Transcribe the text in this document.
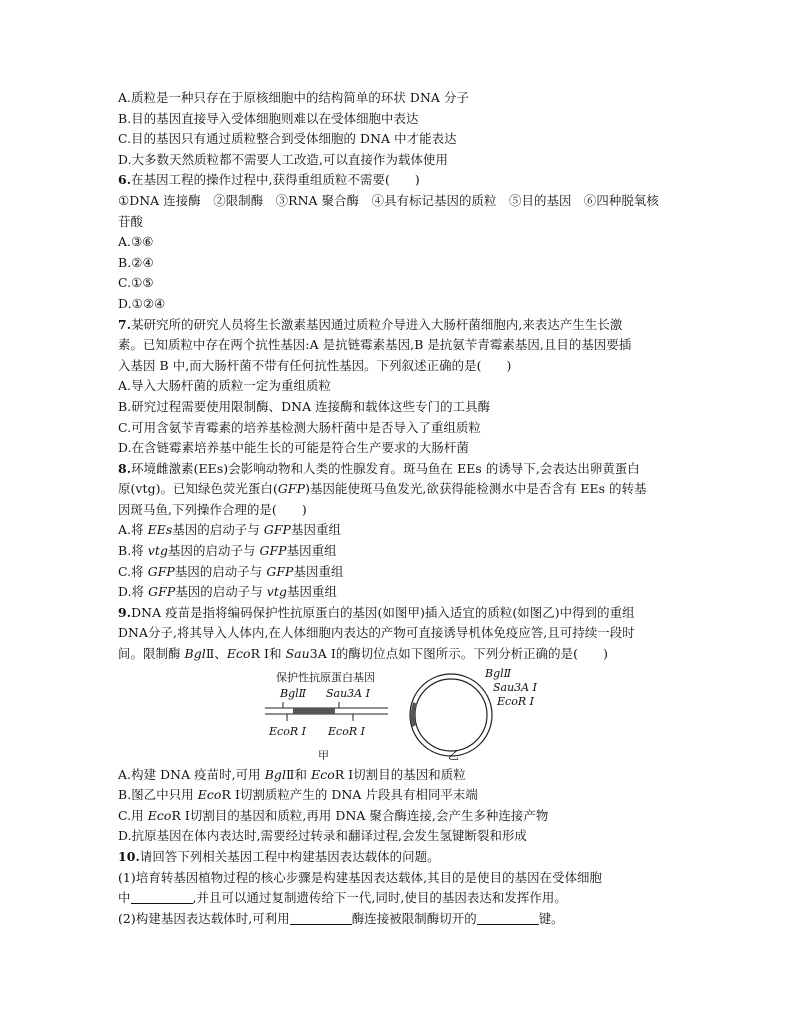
A.质粒是一种只存在于原核细胞中的结构简单的环状 DNA 分子
B.目的基因直接导入受体细胞则难以在受体细胞中表达
C.目的基因只有通过质粒整合到受体细胞的 DNA 中才能表达
D.大多数天然质粒都不需要人工改造,可以直接作为载体使用
6.在基因工程的操作过程中,获得重组质粒不需要(　　)
①DNA 连接酶　②限制酶　③RNA 聚合酶　④具有标记基因的质粒　⑤目的基因　⑥四种脱氧核
苷酸
A.③⑥
B.②④
C.①⑤
D.①②④
7.某研究所的研究人员将生长激素基因通过质粒介导进入大肠杆菌细胞内,来表达产生生长激
素。已知质粒中存在两个抗性基因:A 是抗链霉素基因,B 是抗氨苄青霉素基因,且目的基因要插
入基因 B 中,而大肠杆菌不带有任何抗性基因。下列叙述正确的是(　　)
A.导入大肠杆菌的质粒一定为重组质粒
B.研究过程需要使用限制酶、DNA 连接酶和载体这些专门的工具酶
C.可用含氨苄青霉素的培养基检测大肠杆菌中是否导入了重组质粒
D.在含链霉素培养基中能生长的可能是符合生产要求的大肠杆菌
8.环境雌激素(EEs)会影响动物和人类的性腺发育。斑马鱼在 EEs 的诱导下,会表达出卵黄蛋白
原(vtg)。已知绿色荧光蛋白(GFP)基因能使斑马鱼发光,欲获得能检测水中是否含有 EEs 的转基
因斑马鱼,下列操作合理的是(　　)
A.将 EEs基因的启动子与 GFP基因重组
B.将 vtg基因的启动子与 GFP基因重组
C.将 GFP基因的启动子与 GFP基因重组
D.将 GFP基因的启动子与 vtg基因重组
9.DNA 疫苗是指将编码保护性抗原蛋白的基因(如图甲)插入适宜的质粒(如图乙)中得到的重组
DNA分子,将其导入人体内,在人体细胞内表达的产物可直接诱导机体免疫应答,且可持续一段时
间。限制酶 BglⅡ、EcoR Ⅰ和 Sau3A Ⅰ的酶切位点如下图所示。下列分析正确的是(　　)
保护性抗原蛋白基因
BglⅡ Sau3A Ⅰ
EcoR Ⅰ EcoR Ⅰ
甲
BglⅡ
Sau3A Ⅰ
EcoR Ⅰ
乙
A.构建 DNA 疫苗时,可用 BglⅡ和 EcoR Ⅰ切割目的基因和质粒
B.图乙中只用 EcoR Ⅰ切割质粒产生的 DNA 片段具有相同平末端
C.用 EcoR Ⅰ切割目的基因和质粒,再用 DNA 聚合酶连接,会产生多种连接产物
D.抗原基因在体内表达时,需要经过转录和翻译过程,会发生氢键断裂和形成
10.请回答下列相关基因工程中构建基因表达载体的问题。
(1)培育转基因植物过程的核心步骤是构建基因表达载体,其目的是使目的基因在受体细胞
中	,并且可以通过复制遗传给下一代,同时,使目的基因表达和发挥作用。
(2)构建基因表达载体时,可利用	酶连接被限制酶切开的	键。
